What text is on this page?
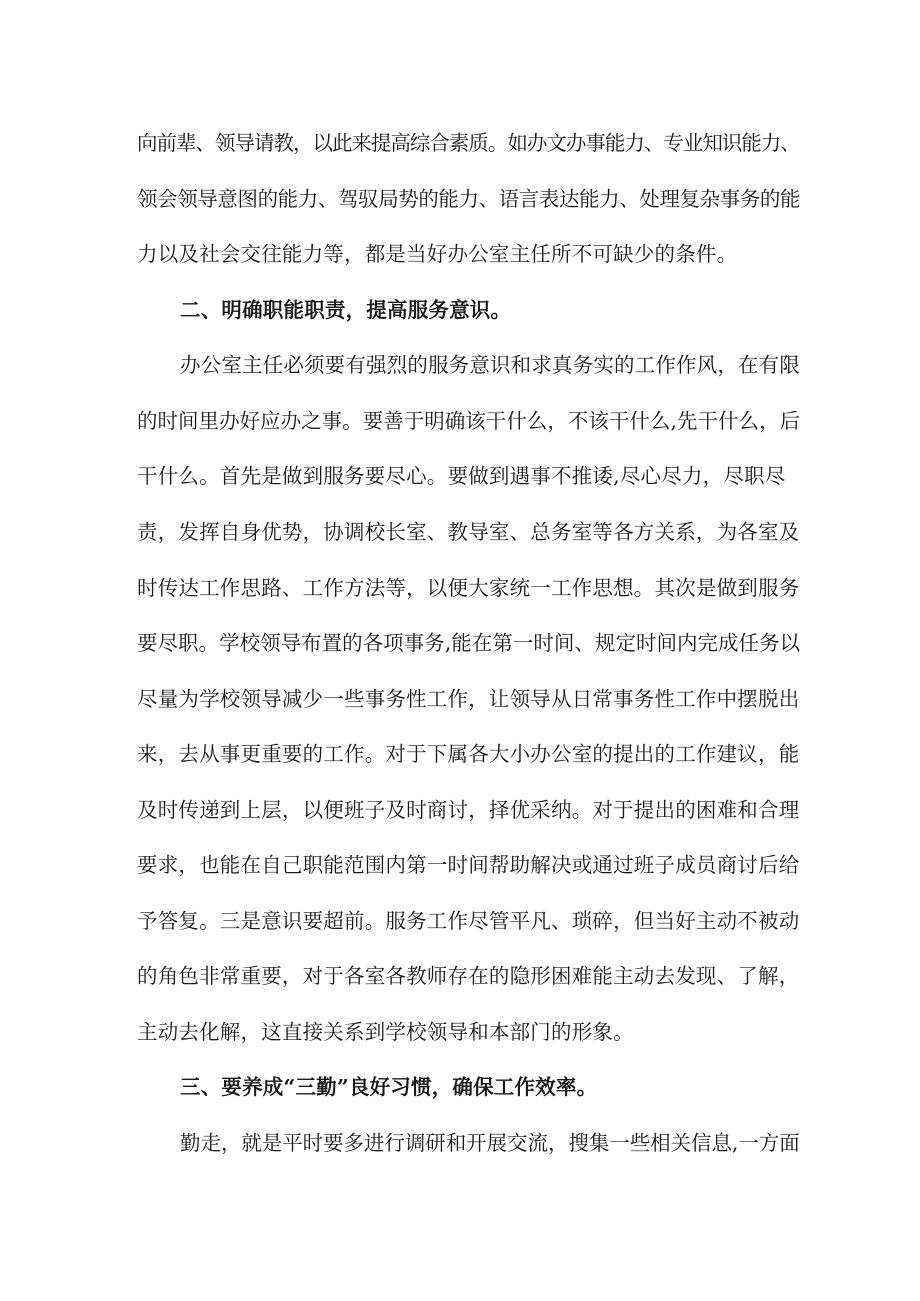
向前辈、领导请教，以此来提高综合素质。如办文办事能力、专业知识能力、
领会领导意图的能力、驾驭局势的能力、语言表达能力、处理复杂事务的能
力以及社会交往能力等，都是当好办公室主任所不可缺少的条件。
二、明确职能职责，提高服务意识。
办公室主任必须要有强烈的服务意识和求真务实的工作作风，在有限
的时间里办好应办之事。要善于明确该干什么，不该干什么,先干什么，后
干什么。首先是做到服务要尽心。要做到遇事不推诿,尽心尽力，尽职尽
责，发挥自身优势，协调校长室、教导室、总务室等各方关系，为各室及
时传达工作思路、工作方法等，以便大家统一工作思想。其次是做到服务
要尽职。学校领导布置的各项事务,能在第一时间、规定时间内完成任务以
尽量为学校领导减少一些事务性工作，让领导从日常事务性工作中摆脱出
来，去从事更重要的工作。对于下属各大小办公室的提出的工作建议，能
及时传递到上层，以便班子及时商讨，择优采纳。对于提出的困难和合理
要求，也能在自己职能范围内第一时间帮助解决或通过班子成员商讨后给
予答复。三是意识要超前。服务工作尽管平凡、琐碎，但当好主动不被动
的角色非常重要，对于各室各教师存在的隐形困难能主动去发现、了解，
主动去化解，这直接关系到学校领导和本部门的形象。
三、要养成“三勤”良好习惯，确保工作效率。
勤走，就是平时要多进行调研和开展交流，搜集一些相关信息,一方面
